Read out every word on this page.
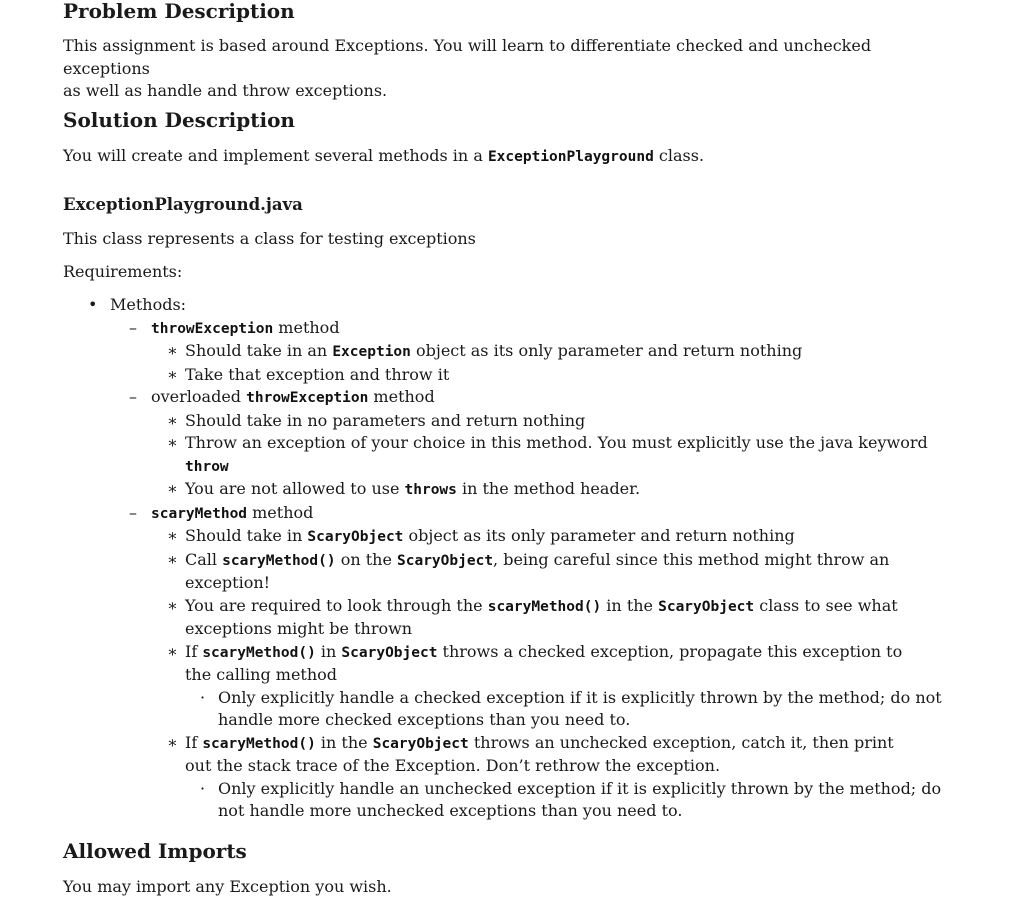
Problem Description

This assignment is based around Exceptions. You will learn to differentiate checked and unchecked exceptions

as well as handle and throw exceptions.

Solution Description

You will create and implement several methods in a ExceptionPlayground class.

ExceptionPlayground.java

This class represents a class for testing exceptions

Requirements:

• Methods:
– throwException method
∗ Should take in an Exception object as its only parameter and return nothing
∗ Take that exception and throw it
– overloaded throwException method
∗ Should take in no parameters and return nothing
∗ Throw an exception of your choice in this method. You must explicitly use the java keyword
throw
∗ You are not allowed to use throws in the method header.
– scaryMethod method
∗ Should take in ScaryObject object as its only parameter and return nothing
∗ Call scaryMethod() on the ScaryObject, being careful since this method might throw an
exception!
∗ You are required to look through the scaryMethod() in the ScaryObject class to see what
exceptions might be thrown
∗ If scaryMethod() in ScaryObject throws a checked exception, propagate this exception to
the calling method
· Only explicitly handle a checked exception if it is explicitly thrown by the method; do not
handle more checked exceptions than you need to.
∗ If scaryMethod() in the ScaryObject throws an unchecked exception, catch it, then print
out the stack trace of the Exception. Don’t rethrow the exception.
· Only explicitly handle an unchecked exception if it is explicitly thrown by the method; do
not handle more unchecked exceptions than you need to.
Allowed Imports

You may import any Exception you wish.
